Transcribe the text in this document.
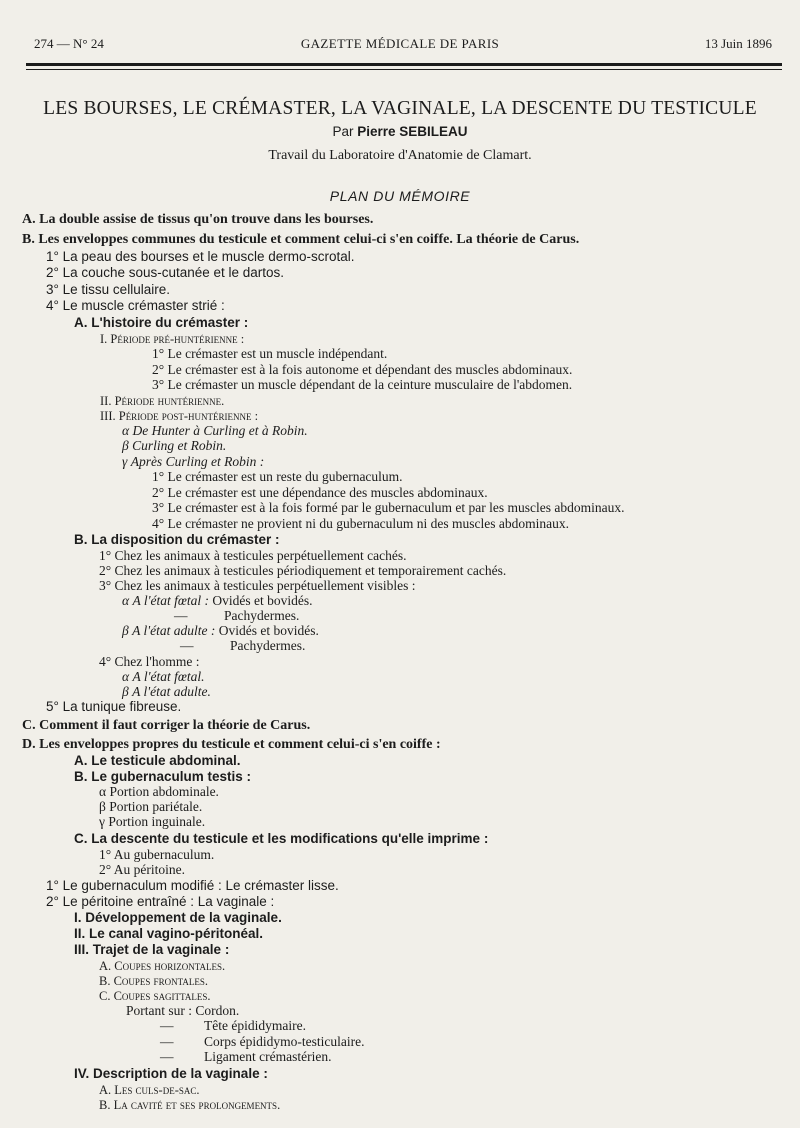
274 — N° 24	GAZETTE MÉDICALE DE PARIS	13 Juin 1896
LES BOURSES, LE CRÉMASTER, LA VAGINALE, LA DESCENTE DU TESTICULE
Par Pierre SEBILEAU
Travail du Laboratoire d'Anatomie de Clamart.
PLAN DU MÉMOIRE
A. La double assise de tissus qu'on trouve dans les bourses.
B. Les enveloppes communes du testicule et comment celui-ci s'en coiffe. La théorie de Carus.
1° La peau des bourses et le muscle dermo-scrotal.
2° La couche sous-cutanée et le dartos.
3° Le tissu cellulaire.
4° Le muscle crémaster strié :
A. L'histoire du crémaster :
I. Période pré-huntérienne :
1° Le crémaster est un muscle indépendant.
2° Le crémaster est à la fois autonome et dépendant des muscles abdominaux.
3° Le crémaster un muscle dépendant de la ceinture musculaire de l'abdomen.
II. Période huntérienne.
III. Période post-huntérienne :
α De Hunter à Curling et à Robin.
β Curling et Robin.
γ Après Curling et Robin :
1° Le crémaster est un reste du gubernaculum.
2° Le crémaster est une dépendance des muscles abdominaux.
3° Le crémaster est à la fois formé par le gubernaculum et par les muscles abdominaux.
4° Le crémaster ne provient ni du gubernaculum ni des muscles abdominaux.
B. La disposition du crémaster :
1° Chez les animaux à testicules perpétuellement cachés.
2° Chez les animaux à testicules périodiquement et temporairement cachés.
3° Chez les animaux à testicules perpétuellement visibles :
α A l'état fœtal : Ovidés et bovidés.
—	Pachydermes.
β A l'état adulte : Ovidés et bovidés.
—	Pachydermes.
4° Chez l'homme :
α A l'état fœtal.
β A l'état adulte.
5° La tunique fibreuse.
C. Comment il faut corriger la théorie de Carus.
D. Les enveloppes propres du testicule et comment celui-ci s'en coiffe :
A. Le testicule abdominal.
B. Le gubernaculum testis :
α Portion abdominale.
β Portion pariétale.
γ Portion inguinale.
C. La descente du testicule et les modifications qu'elle imprime :
1° Au gubernaculum.
2° Au péritoine.
1° Le gubernaculum modifié : Le crémaster lisse.
2° Le péritoine entraîné : La vaginale :
I. Développement de la vaginale.
II. Le canal vagino-péritonéal.
III. Trajet de la vaginale :
A. Coupes horizontales.
B. Coupes frontales.
C. Coupes sagittales.
Portant sur : Cordon.
— Tête épididymaire.
— Corps épididymo-testiculaire.
— Ligament crémastérien.
IV. Description de la vaginale :
A. Les culs-de-sac.
B. La cavité et ses prolongements.
